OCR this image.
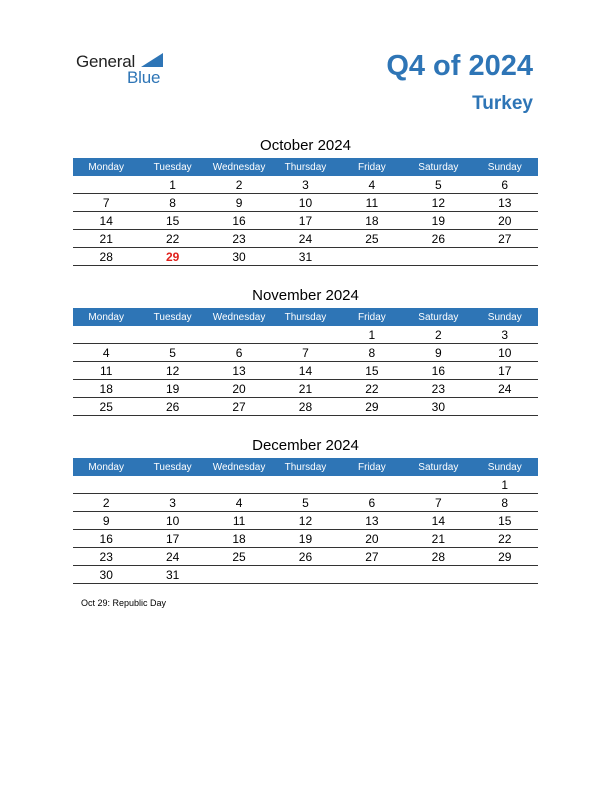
General
Blue	Q4 of 2024
Turkey
October 2024
Monday	Tuesday	Wednesday	Thursday	Friday	Saturday	Sunday
	1	2	3	4	5	6
7	8	9	10	11	12	13
14	15	16	17	18	19	20
21	22	23	24	25	26	27
28	29	30	31			
November 2024
Monday	Tuesday	Wednesday	Thursday	Friday	Saturday	Sunday
				1	2	3
4	5	6	7	8	9	10
11	12	13	14	15	16	17
18	19	20	21	22	23	24
25	26	27	28	29	30	
December 2024
Monday	Tuesday	Wednesday	Thursday	Friday	Saturday	Sunday
						1
2	3	4	5	6	7	8
9	10	11	12	13	14	15
16	17	18	19	20	21	22
23	24	25	26	27	28	29
30	31					
Oct 29: Republic Day
